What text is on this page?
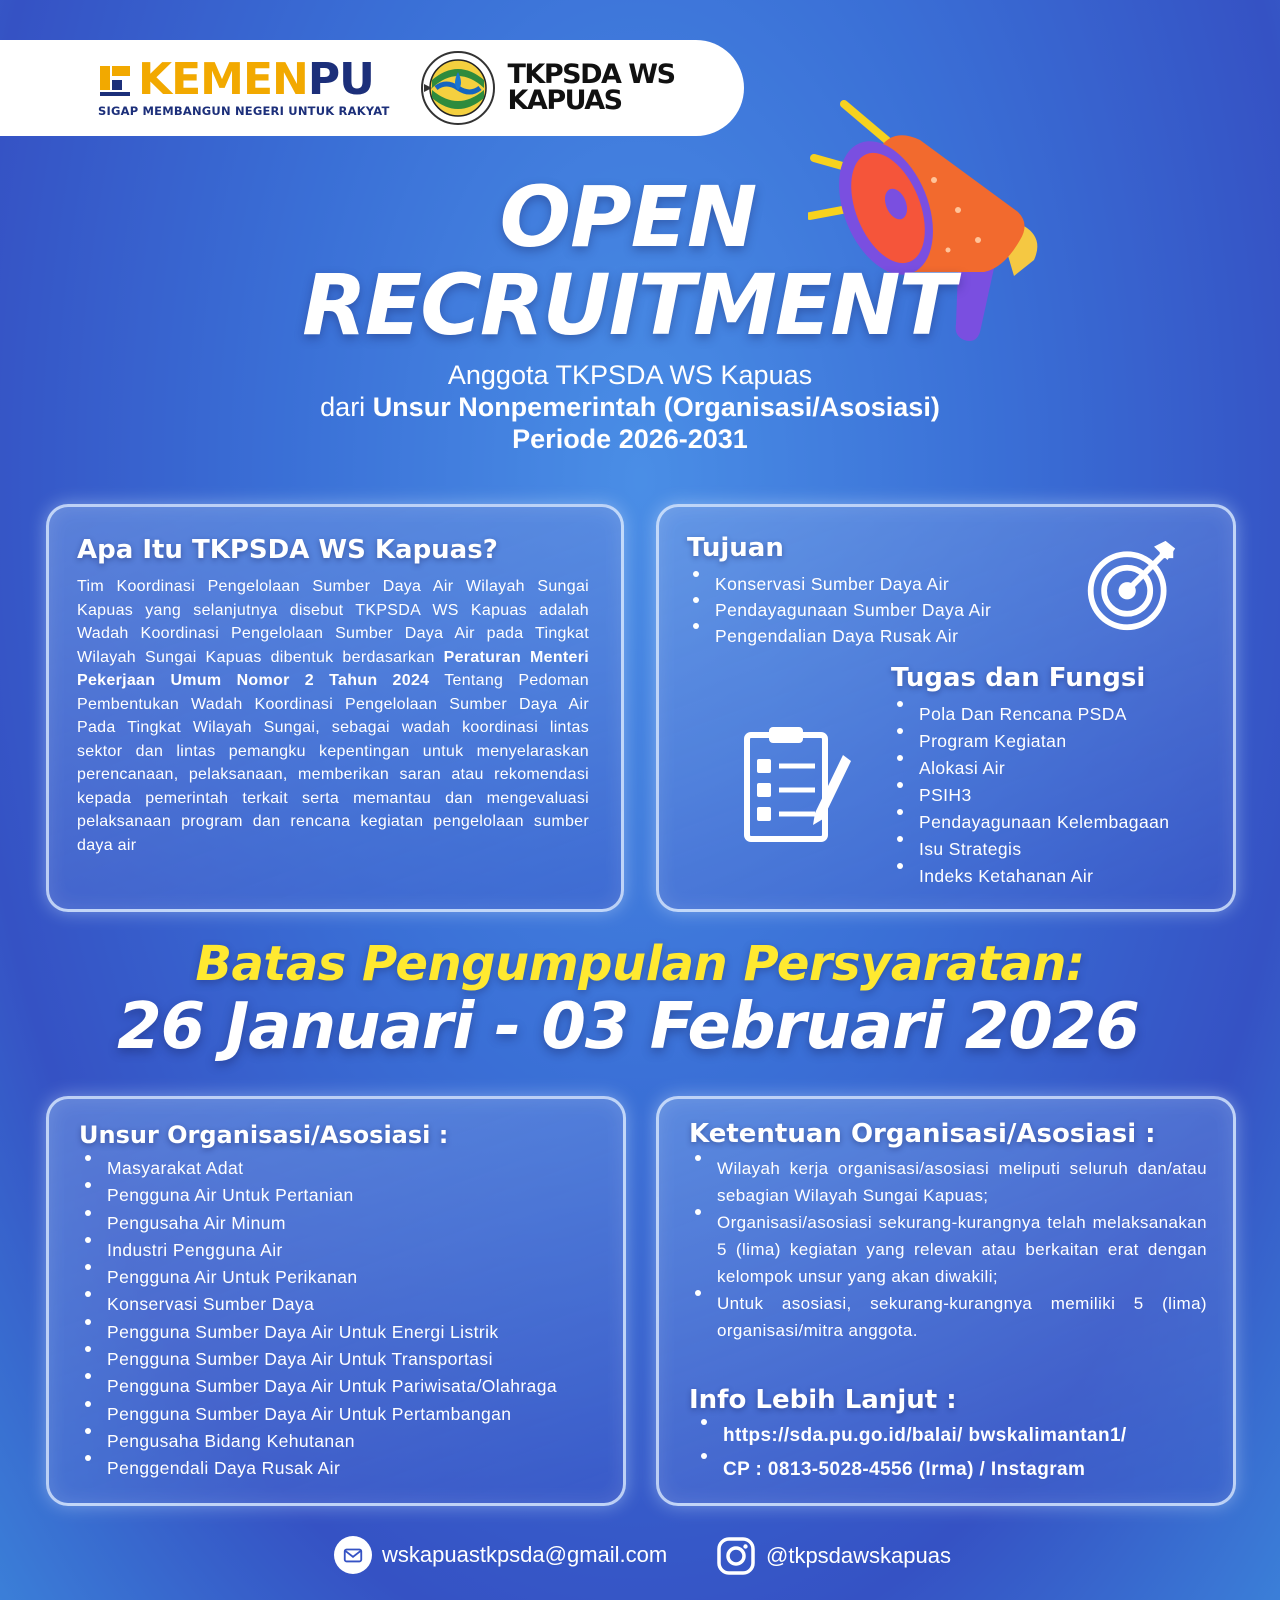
KEMENPU
SIGAP MEMBANGUN NEGERI UNTUK RAKYAT
TKPSDA WS
KAPUAS
OPEN
RECRUITMENT
Anggota TKPSDA WS Kapuas
dari Unsur Nonpemerintah (Organisasi/Asosiasi)
Periode 2026-2031
Apa Itu TKPSDA WS Kapuas?
Tim Koordinasi Pengelolaan Sumber Daya Air Wilayah Sungai Kapuas yang selanjutnya disebut TKPSDA WS Kapuas adalah Wadah Koordinasi Pengelolaan Sumber Daya Air pada Tingkat Wilayah Sungai Kapuas dibentuk berdasarkan Peraturan Menteri Pekerjaan Umum Nomor 2 Tahun 2024 Tentang Pedoman Pembentukan Wadah Koordinasi Pengelolaan Sumber Daya Air Pada Tingkat Wilayah Sungai, sebagai wadah koordinasi lintas sektor dan lintas pemangku kepentingan untuk menyelaraskan perencanaan, pelaksanaan, memberikan saran atau rekomendasi kepada pemerintah terkait serta memantau dan mengevaluasi pelaksanaan program dan rencana kegiatan pengelolaan sumber daya air
Tujuan
Konservasi Sumber Daya Air
Pendayagunaan Sumber Daya Air
Pengendalian Daya Rusak Air
Tugas dan Fungsi
Pola Dan Rencana PSDA
Program Kegiatan
Alokasi Air
PSIH3
Pendayagunaan Kelembagaan
Isu Strategis
Indeks Ketahanan Air
Batas Pengumpulan Persyaratan:
26 Januari - 03 Februari 2026
Unsur Organisasi/Asosiasi :
Masyarakat Adat
Pengguna Air Untuk Pertanian
Pengusaha Air Minum
Industri Pengguna Air
Pengguna Air Untuk Perikanan
Konservasi Sumber Daya
Pengguna Sumber Daya Air Untuk Energi Listrik
Pengguna Sumber Daya Air Untuk Transportasi
Pengguna Sumber Daya Air Untuk Pariwisata/Olahraga
Pengguna Sumber Daya Air Untuk Pertambangan
Pengusaha Bidang Kehutanan
Penggendali Daya Rusak Air
Ketentuan Organisasi/Asosiasi :
Wilayah kerja organisasi/asosiasi meliputi seluruh dan/atau sebagian Wilayah Sungai Kapuas;
Organisasi/asosiasi sekurang-kurangnya telah melaksanakan 5 (lima) kegiatan yang relevan atau berkaitan erat dengan kelompok unsur yang akan diwakili;
Untuk asosiasi, sekurang-kurangnya memiliki 5 (lima) organisasi/mitra anggota.
Info Lebih Lanjut :
https://sda.pu.go.id/balai/ bwskalimantan1/
CP : 0813-5028-4556 (Irma) / Instagram
wskapuastkpsda@gmail.com	@tkpsdawskapuas
